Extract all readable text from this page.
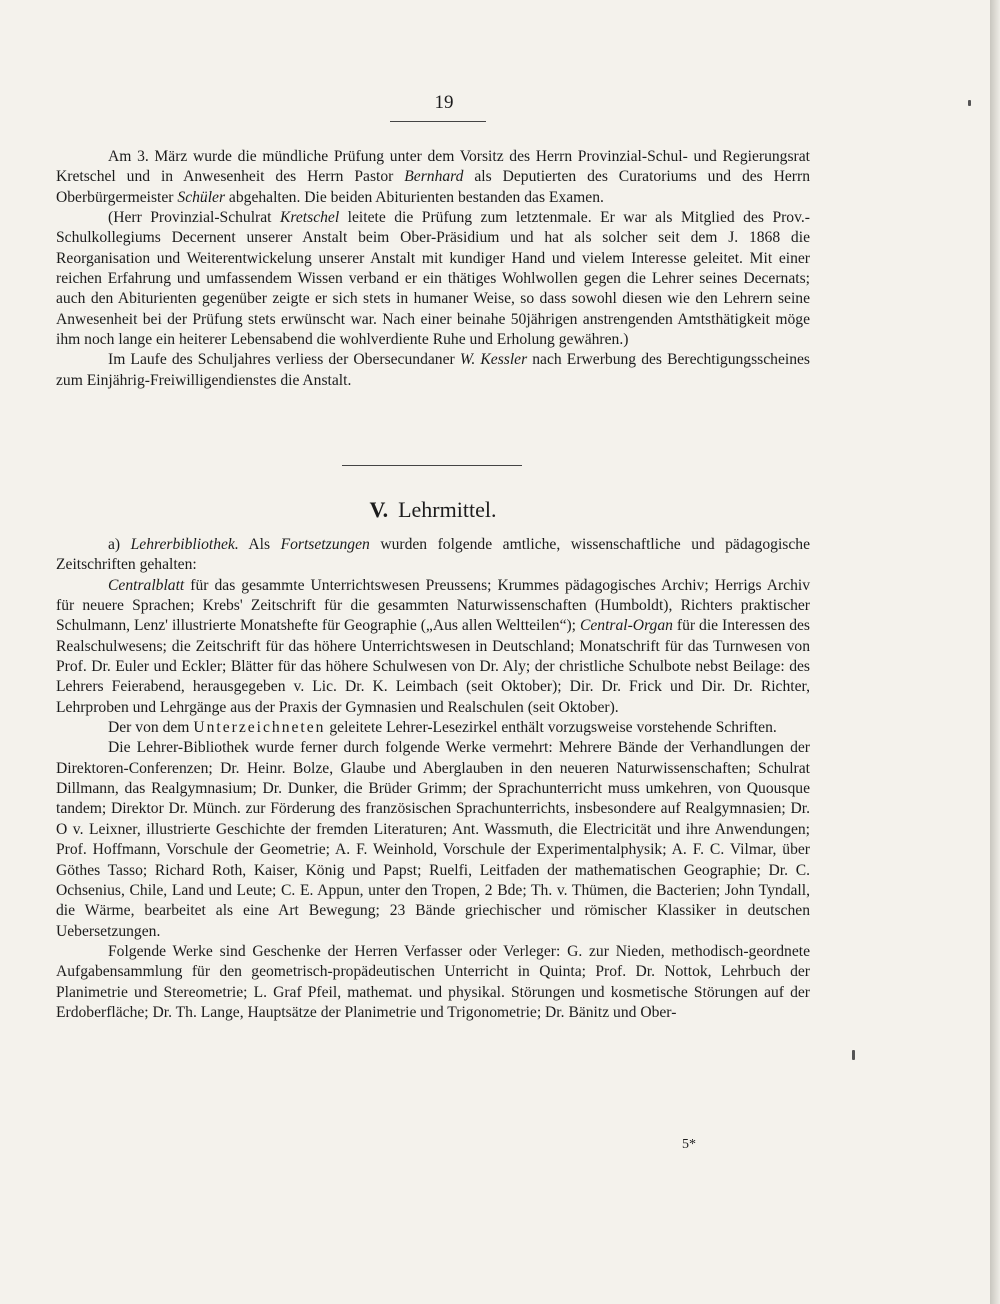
19

Am 3. März wurde die mündliche Prüfung unter dem Vorsitz des Herrn Provinzial-Schul- und Regierungsrat Kretschel und in Anwesenheit des Herrn Pastor Bernhard als Deputierten des Curatoriums und des Herrn Oberbürgermeister Schüler abgehalten. Die beiden Abiturienten bestanden das Examen.

(Herr Provinzial-Schulrat Kretschel leitete die Prüfung zum letztenmale. Er war als Mitglied des Prov.-Schulkollegiums Decernent unserer Anstalt beim Ober-Präsidium und hat als solcher seit dem J. 1868 die Reorganisation und Weiterentwickelung unserer Anstalt mit kundiger Hand und vielem Interesse geleitet. Mit einer reichen Erfahrung und umfassendem Wissen verband er ein thätiges Wohlwollen gegen die Lehrer seines Decernats; auch den Abiturienten gegenüber zeigte er sich stets in humaner Weise, so dass sowohl diesen wie den Lehrern seine Anwesenheit bei der Prüfung stets erwünscht war. Nach einer beinahe 50jährigen anstrengenden Amtsthätigkeit möge ihm noch lange ein heiterer Lebensabend die wohlverdiente Ruhe und Erholung gewähren.)

Im Laufe des Schuljahres verliess der Obersecundaner W. Kessler nach Erwerbung des Berechtigungsscheines zum Einjährig-Freiwilligendienstes die Anstalt.

V. Lehrmittel.

a) Lehrerbibliothek. Als Fortsetzungen wurden folgende amtliche, wissenschaftliche und pädagogische Zeitschriften gehalten:

Centralblatt für das gesammte Unterrichtswesen Preussens; Krummes pädagogisches Archiv; Herrigs Archiv für neuere Sprachen; Krebs' Zeitschrift für die gesammten Naturwissenschaften (Humboldt), Richters praktischer Schulmann, Lenz' illustrierte Monatshefte für Geographie („Aus allen Weltteilen“); Central-Organ für die Interessen des Realschulwesens; die Zeitschrift für das höhere Unterrichtswesen in Deutschland; Monatschrift für das Turnwesen von Prof. Dr. Euler und Eckler; Blätter für das höhere Schulwesen von Dr. Aly; der christliche Schulbote nebst Beilage: des Lehrers Feierabend, herausgegeben v. Lic. Dr. K. Leimbach (seit Oktober); Dir. Dr. Frick und Dir. Dr. Richter, Lehrproben und Lehrgänge aus der Praxis der Gymnasien und Realschulen (seit Oktober).

Der von dem Unterzeichneten geleitete Lehrer-Lesezirkel enthält vorzugsweise vorstehende Schriften.

Die Lehrer-Bibliothek wurde ferner durch folgende Werke vermehrt: Mehrere Bände der Verhandlungen der Direktoren-Conferenzen; Dr. Heinr. Bolze, Glaube und Aberglauben in den neueren Naturwissenschaften; Schulrat Dillmann, das Realgymnasium; Dr. Dunker, die Brüder Grimm; der Sprachunterricht muss umkehren, von Quousque tandem; Direktor Dr. Münch. zur Förderung des französischen Sprachunterrichts, insbesondere auf Realgymnasien; Dr. O v. Leixner, illustrierte Geschichte der fremden Literaturen; Ant. Wassmuth, die Electricität und ihre Anwendungen; Prof. Hoffmann, Vorschule der Geometrie; A. F. Weinhold, Vorschule der Experimentalphysik; A. F. C. Vilmar, über Göthes Tasso; Richard Roth, Kaiser, König und Papst; Ruelfi, Leitfaden der mathematischen Geographie; Dr. C. Ochsenius, Chile, Land und Leute; C. E. Appun, unter den Tropen, 2 Bde; Th. v. Thümen, die Bacterien; John Tyndall, die Wärme, bearbeitet als eine Art Bewegung; 23 Bände griechischer und römischer Klassiker in deutschen Uebersetzungen.

Folgende Werke sind Geschenke der Herren Verfasser oder Verleger: G. zur Nieden, methodisch-geordnete Aufgabensammlung für den geometrisch-propädeutischen Unterricht in Quinta; Prof. Dr. Nottok, Lehrbuch der Planimetrie und Stereometrie; L. Graf Pfeil, mathemat. und physikal. Störungen und kosmetische Störungen auf der Erdoberfläche; Dr. Th. Lange, Hauptsätze der Planimetrie und Trigonometrie; Dr. Bänitz und Ober-

5*
